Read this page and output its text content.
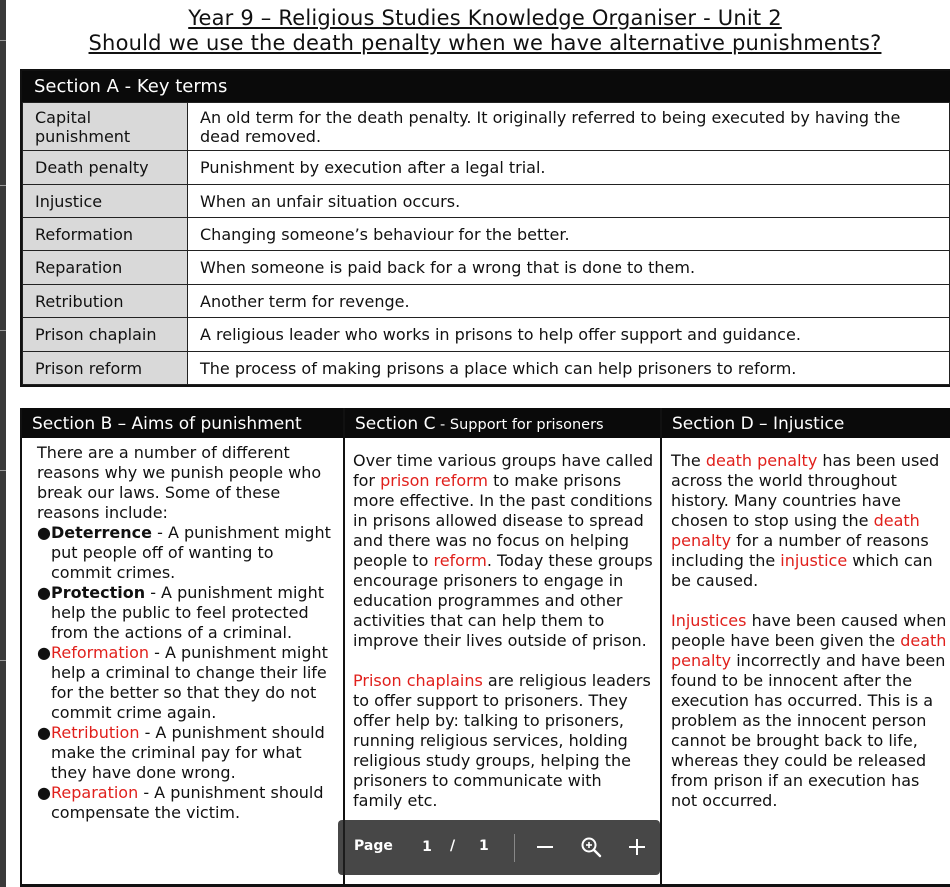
Year 9 – Religious Studies Knowledge Organiser - Unit 2
Should we use the death penalty when we have alternative punishments?
Section A - Key terms
Capital punishment	An old term for the death penalty. It originally referred to being executed by having the dead removed.
Death penalty	Punishment by execution after a legal trial.
Injustice	When an unfair situation occurs.
Reformation	Changing someone’s behaviour for the better.
Reparation	When someone is paid back for a wrong that is done to them.
Retribution	Another term for revenge.
Prison chaplain	A religious leader who works in prisons to help offer support and guidance.
Prison reform	The process of making prisons a place which can help prisoners to reform.
Section B – Aims of punishment

There are a number of different reasons why we punish people who break our laws. Some of these reasons include:

●Deterrence - A punishment might put people off of wanting to commit crimes.

●Protection - A punishment might help the public to feel protected from the actions of a criminal.

●Reformation - A punishment might help a criminal to change their life for the better so that they do not commit crime again.

●Retribution - A punishment should make the criminal pay for what they have done wrong.

●Reparation - A punishment should compensate the victim.

Section C - Support for prisoners

Over time various groups have called for prison reform to make prisons more effective. In the past conditions in prisons allowed disease to spread and there was no focus on helping people to reform. Today these groups encourage prisoners to engage in education programmes and other activities that can help them to improve their lives outside of prison.

Prison chaplains are religious leaders to offer support to prisoners. They offer help by: talking to prisoners, running religious services, holding religious study groups, helping the prisoners to communicate with family etc.

Section D – Injustice

The death penalty has been used across the world throughout history. Many countries have chosen to stop using the death penalty for a number of reasons including the injustice which can be caused.

Injustices have been caused when people have been given the death penalty incorrectly and have been found to be innocent after the execution has occurred. This is a problem as the innocent person cannot be brought back to life, whereas they could be released from prison if an execution has not occurred.

Page	1	/ 1
